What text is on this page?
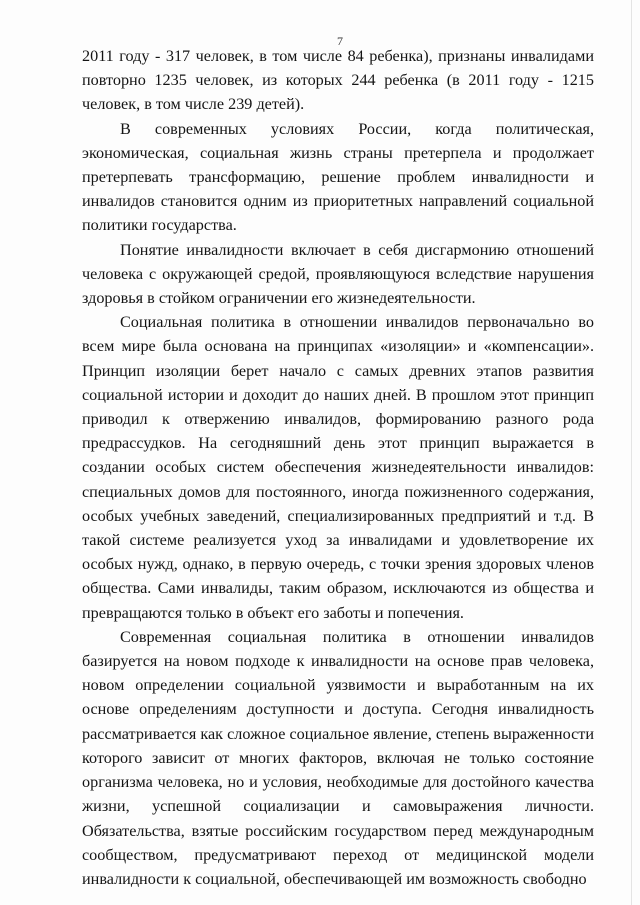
7

2011 году - 317 человек, в том числе 84 ребенка), признаны инвалидами повторно 1235 человек, из которых 244 ребенка (в 2011 году - 1215 человек, в том числе 239 детей).

В современных условиях России, когда политическая, экономическая, социальная жизнь страны претерпела и продолжает претерпевать трансформацию, решение проблем инвалидности и инвалидов становится одним из приоритетных направлений социальной политики государства.

Понятие инвалидности включает в себя дисгармонию отношений человека с окружающей средой, проявляющуюся вследствие нарушения здоровья в стойком ограничении его жизнедеятельности.

Социальная политика в отношении инвалидов первоначально во всем мире была основана на принципах «изоляции» и «компенсации». Принцип изоляции берет начало с самых древних этапов развития социальной истории и доходит до наших дней. В прошлом этот принцип приводил к отвержению инвалидов, формированию разного рода предрассудков. На сегодняшний день этот принцип выражается в создании особых систем обеспечения жизнедеятельности инвалидов: специальных домов для постоянного, иногда пожизненного содержания, особых учебных заведений, специализированных предприятий и т.д. В такой системе реализуется уход за инвалидами и удовлетворение их особых нужд, однако, в первую очередь, с точки зрения здоровых членов общества. Сами инвалиды, таким образом, исключаются из общества и превращаются только в объект его заботы и попечения.

Современная социальная политика в отношении инвалидов базируется на новом подходе к инвалидности на основе прав человека, новом определении социальной уязвимости и выработанным на их основе определениям доступности и доступа. Сегодня инвалидность рассматривается как сложное социальное явление, степень выраженности которого зависит от многих факторов, включая не только состояние организма человека, но и условия, необходимые для достойного качества жизни, успешной социализации и самовыражения личности. Обязательства, взятые российским государством перед международным сообществом, предусматривают переход от медицинской модели инвалидности к социальной, обеспечивающей им возможность свободно
